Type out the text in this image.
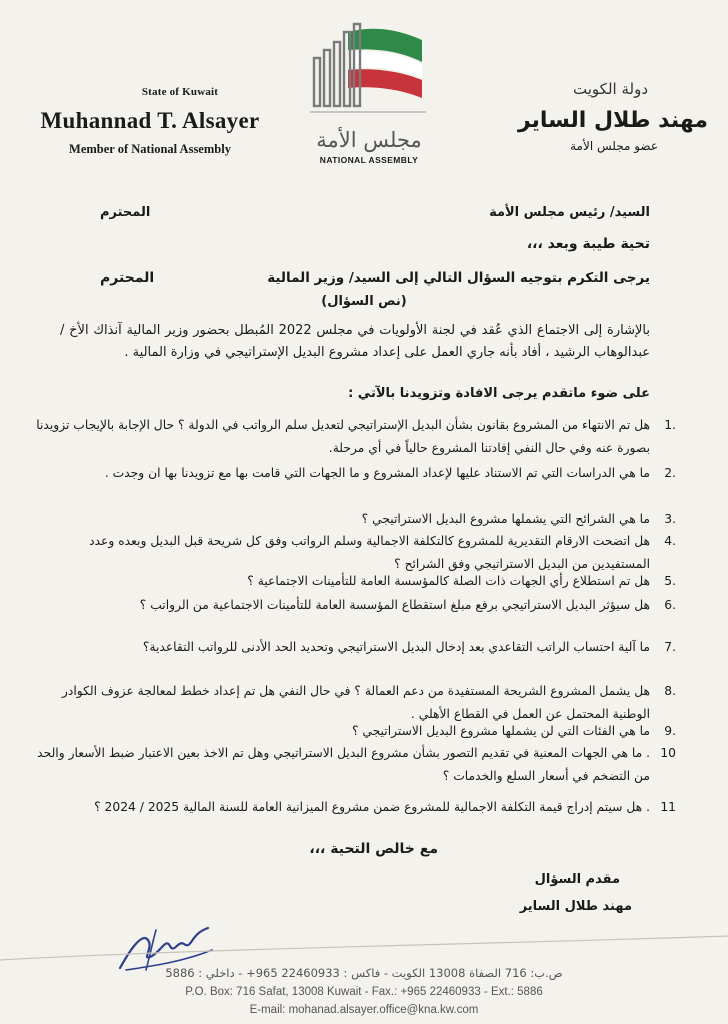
State of Kuwait
Muhannad T. Alsayer
Member of National Assembly	مجلس الأمة
NATIONAL ASSEMBLY
دولة الكويت
مهند طلال الساير
عضو مجلس الأمة
السيد/ رئيس مجلس الأمة
المحترم
تحية طيبة وبعد ،،،
يرجى التكرم بتوجيه السؤال التالي إلى السيد/ وزير المالية
المحترم
(نص السؤال)
بالإشارة إلى الاجتماع الذي عُقد في لجنة الأولويات في مجلس 2022 المُبطل بحضور وزير المالية آنذاك الأخ / عبدالوهاب الرشيد ، أفاد بأنه جاري العمل على إعداد مشروع البديل الإستراتيجي في وزارة المالية .
على ضوء ماتقدم يرجى الافادة وتزويدنا بالآتي :
1.
هل تم الانتهاء من المشروع بقانون بشأن البديل الإستراتيجي لتعديل سلم الرواتب في الدولة ؟ حال الإجابة بالإيجاب تزويدنا بصورة عنه وفي حال النفي إفادتنا المشروع حالياً في أي مرحلة.
2.
ما هي الدراسات التي تم الاستناد عليها لإعداد المشروع و ما الجهات التي قامت بها مع تزويدنا بها ان وجدت .
3.
ما هي الشرائح التي يشملها مشروع البديل الاستراتيجي ؟
4.
هل اتضحت الارقام التقديرية للمشروع كالتكلفة الاجمالية وسلم الرواتب وفق كل شريحة قبل البديل وبعده وعدد المستفيدين من البديل الاستراتيجي وفق الشرائح ؟
5.
هل تم استطلاع رأي الجهات ذات الصلة كالمؤسسة العامة للتأمينات الاجتماعية ؟
6.
هل سيؤثر البديل الاستراتيجي برفع مبلغ استقطاع المؤسسة العامة للتأمينات الاجتماعية من الرواتب ؟
7.
ما آلية احتساب الراتب التقاعدي بعد إدخال البديل الاستراتيجي وتحديد الحد الأدنى للرواتب التقاعدية؟
8.
هل يشمل المشروع الشريحة المستفيدة من دعم العمالة ؟ في حال النفي هل تم إعداد خطط لمعالجة عزوف الكوادر الوطنية المحتمل عن العمل في القطاع الأهلي .
9.
ما هي الفئات التي لن يشملها مشروع البديل الاستراتيجي ؟
10
. ما هي الجهات المعنية في تقديم التصور بشأن مشروع البديل الاستراتيجي وهل تم الاخذ بعين الاعتبار ضبط الأسعار والحد من التضخم في أسعار السلع والخدمات ؟
11
. هل سيتم إدراج قيمة التكلفة الاجمالية للمشروع ضمن مشروع الميزانية العامة للسنة المالية 2025 / 2024 ؟
مع خالص التحية ،،،
مقدم السؤال
مهند طلال الساير
ص.ب: 716 الصفاة 13008 الكويت - فاكس : 22460933 965+ - داخلي : 5886
P.O. Box: 716 Safat, 13008 Kuwait - Fax.: +965 22460933 - Ext.: 5886
E-mail: mohanad.alsayer.office@kna.kw.com
